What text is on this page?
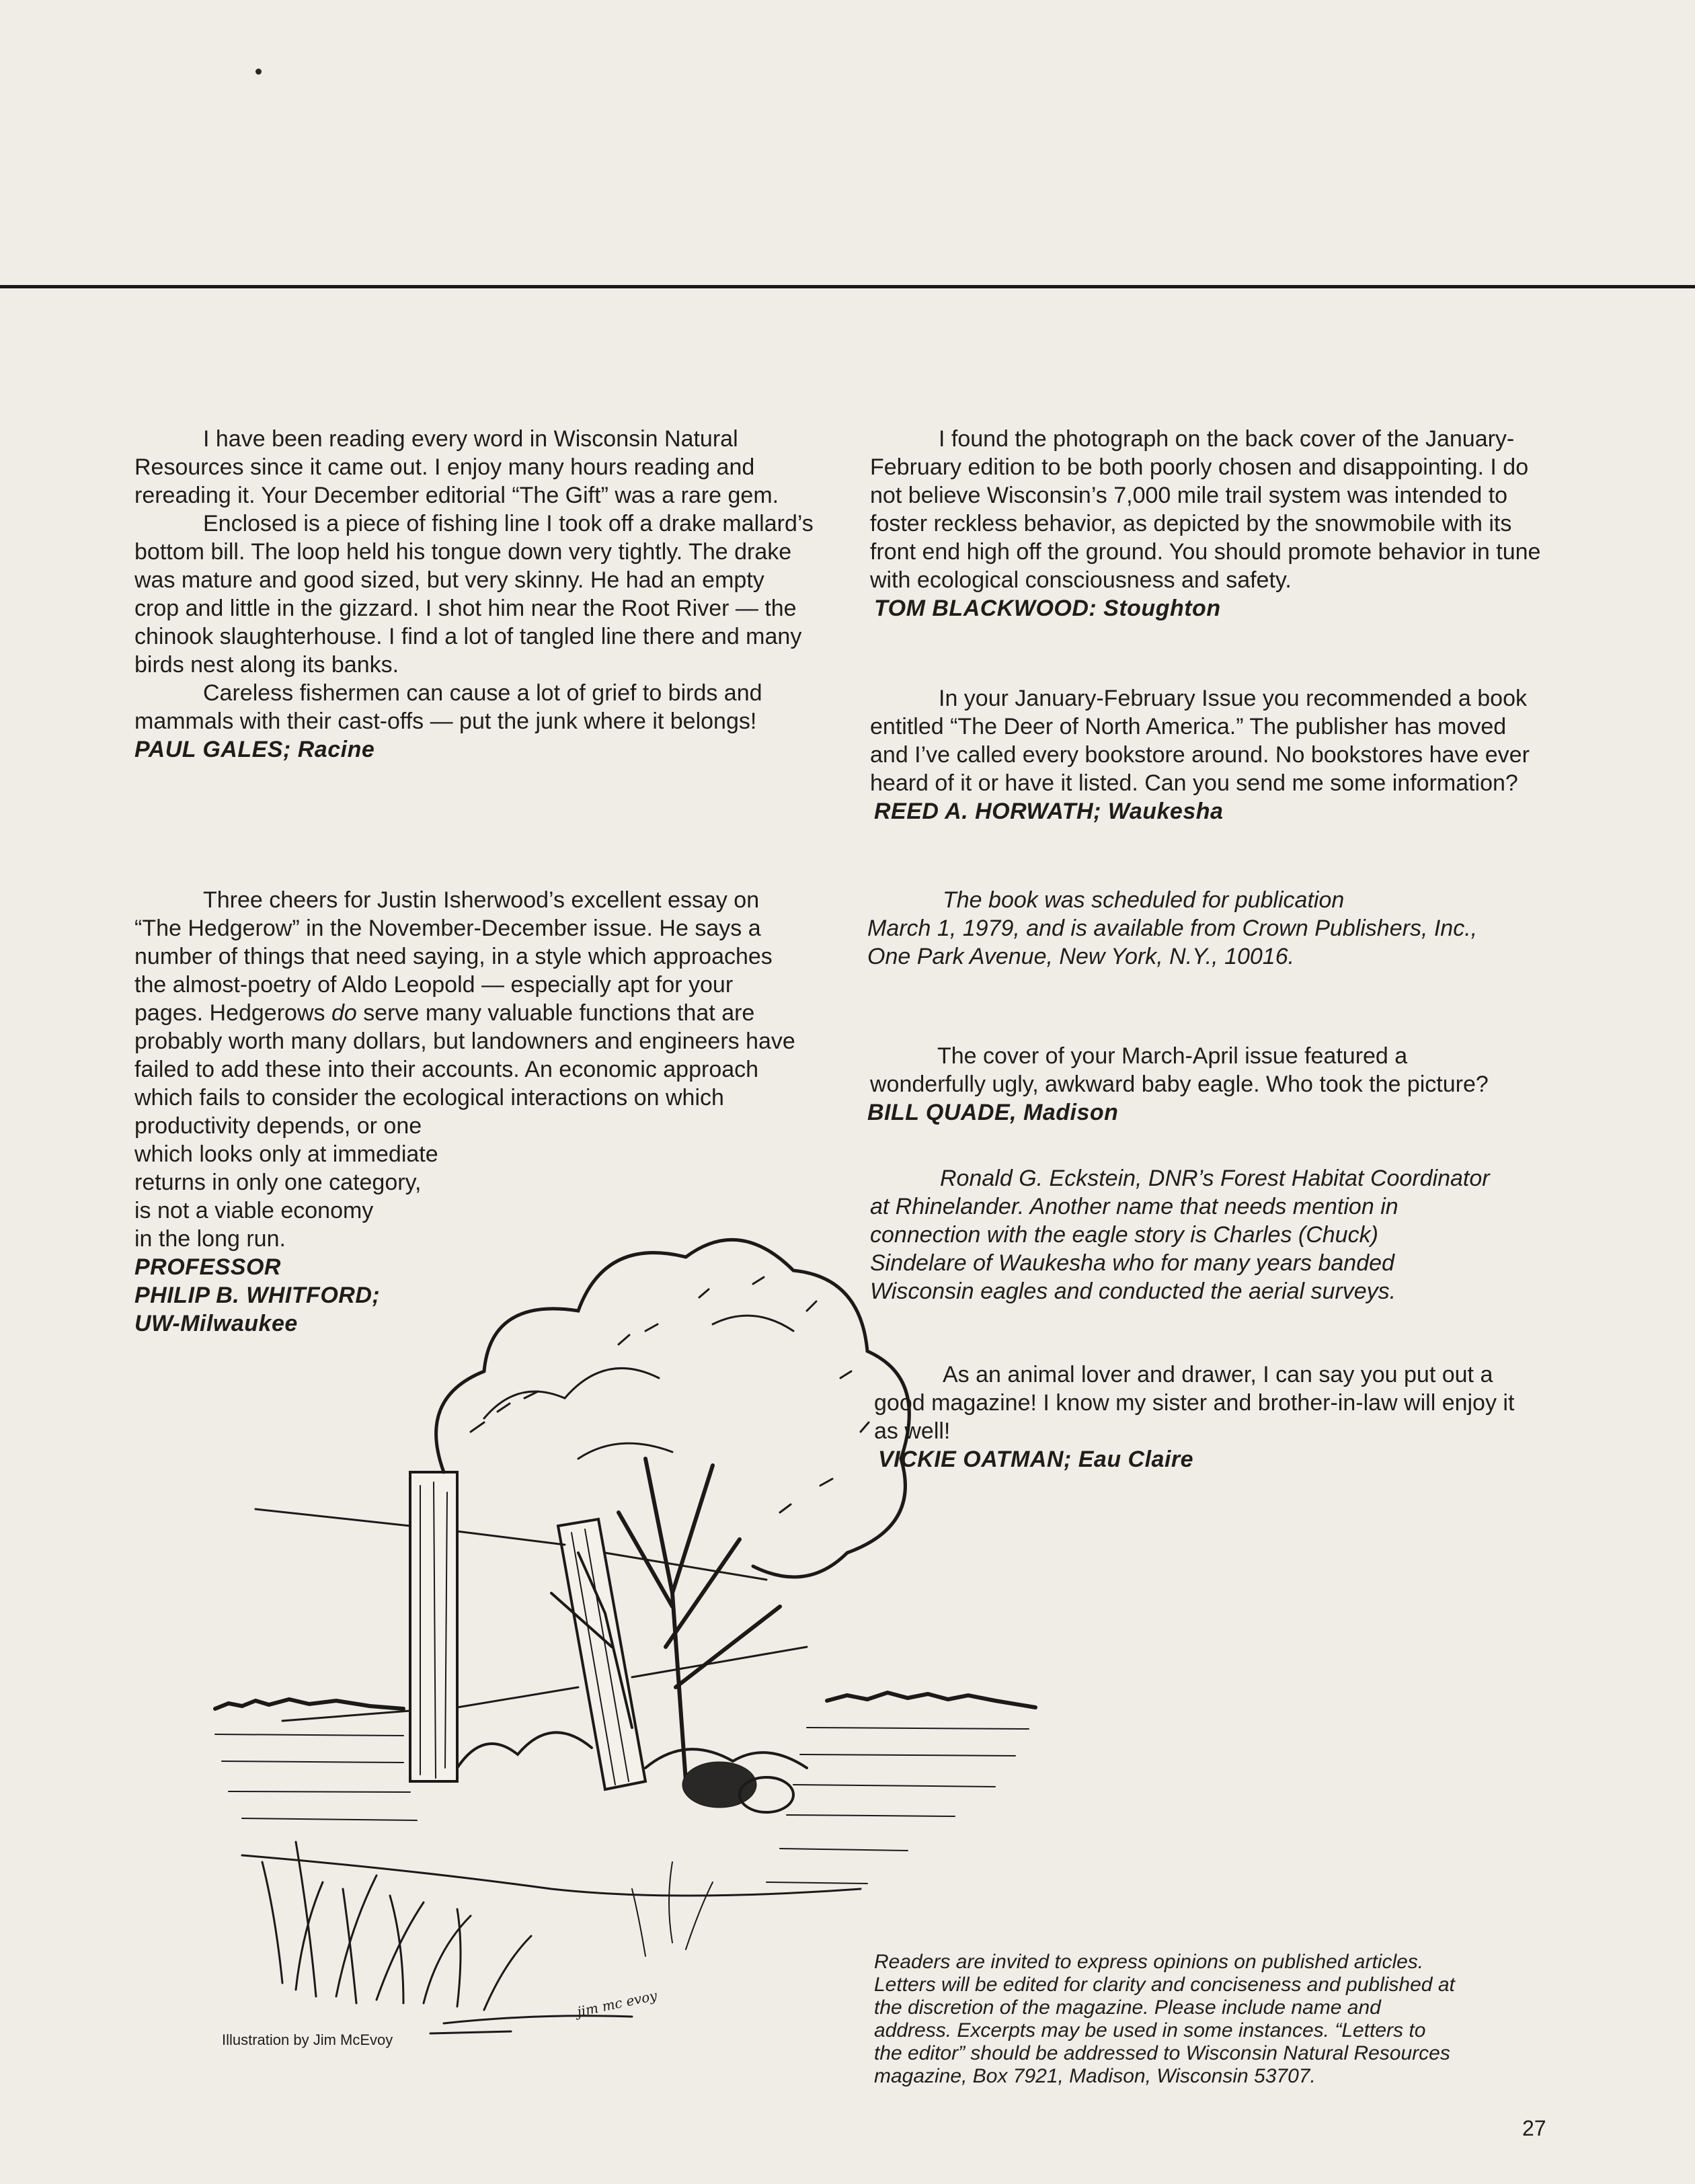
I have been reading every word in Wisconsin Natural Resources since it came out. I enjoy many hours reading and rereading it. Your December editorial “The Gift” was a rare gem.

Enclosed is a piece of fishing line I took off a drake mallard’s bottom bill. The loop held his tongue down very tightly. The drake was mature and good sized, but very skinny. He had an empty crop and little in the gizzard. I shot him near the Root River — the chinook slaughterhouse. I find a lot of tangled line there and many birds nest along its banks.

Careless fishermen can cause a lot of grief to birds and mammals with their cast-offs — put the junk where it belongs!

PAUL GALES; Racine

Three cheers for Justin Isherwood’s excellent essay on “The Hedgerow” in the November-December issue. He says a number of things that need saying, in a style which approaches the almost-poetry of Aldo Leopold — especially apt for your pages. Hedgerows do serve many valuable functions that are probably worth many dollars, but landowners and engineers have failed to add these into their accounts. An economic approach which fails to consider the ecological interactions on which

productivity depends, or one
which looks only at immediate
returns in only one category,
is not a viable economy
in the long run.

PROFESSOR
PHILIP B. WHITFORD;
UW-Milwaukee

I found the photograph on the back cover of the January-February edition to be both poorly chosen and disappointing. I do not believe Wisconsin’s 7,000 mile trail system was intended to foster reckless behavior, as depicted by the snowmobile with its front end high off the ground. You should promote behavior in tune with ecological consciousness and safety.

TOM BLACKWOOD: Stoughton

In your January-February Issue you recommended a book entitled “The Deer of North America.” The publisher has moved and I’ve called every bookstore around. No bookstores have ever heard of it or have it listed. Can you send me some information?

REED A. HORWATH; Waukesha

The book was scheduled for publication
March 1, 1979, and is available from Crown Publishers, Inc.,
One Park Avenue, New York, N.Y., 10016.

The cover of your March-April issue featured a wonderfully ugly, awkward baby eagle. Who took the picture?

BILL QUADE, Madison

Ronald G. Eckstein, DNR’s Forest Habitat Coordinator
at Rhinelander. Another name that needs mention in
connection with the eagle story is Charles (Chuck)
Sindelare of Waukesha who for many years banded
Wisconsin eagles and conducted the aerial surveys.

As an animal lover and drawer, I can say you put out a good magazine! I know my sister and brother-in-law will enjoy it as well!

VICKIE OATMAN; Eau Claire

jim mc evoy
Illustration by Jim McEvoy
Readers are invited to express opinions on published articles.
Letters will be edited for clarity and conciseness and published at
the discretion of the magazine. Please include name and
address. Excerpts may be used in some instances. “Letters to
the editor” should be addressed to Wisconsin Natural Resources
magazine, Box 7921, Madison, Wisconsin 53707.
27
